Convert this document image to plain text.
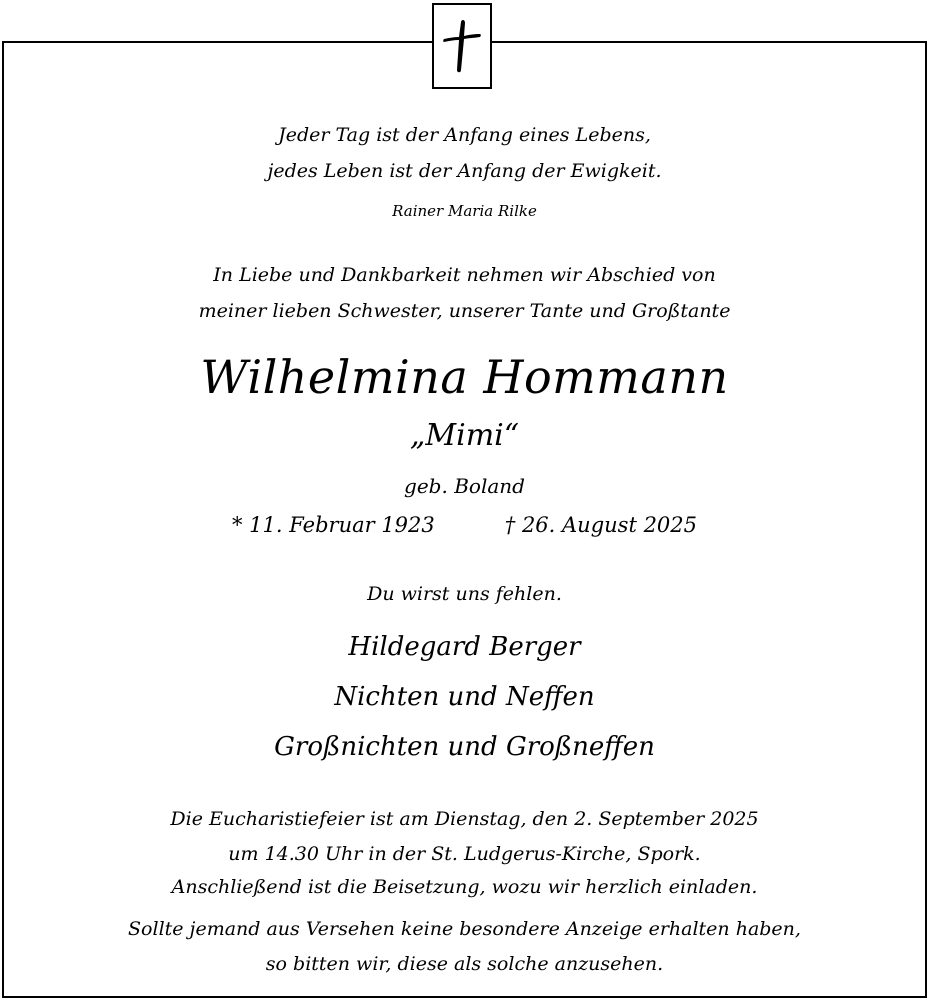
Jeder Tag ist der Anfang eines Lebens,
jedes Leben ist der Anfang der Ewigkeit.
Rainer Maria Rilke
In Liebe und Dankbarkeit nehmen wir Abschied von
meiner lieben Schwester, unserer Tante und Großtante
Wilhelmina Hommann
„Mimi“
geb. Boland
* 11. Februar 1923	† 26. August 2025
Du wirst uns fehlen.
Hildegard Berger
Nichten und Neffen
Großnichten und Großneffen
Die Eucharistiefeier ist am Dienstag, den 2. September 2025
um 14.30 Uhr in der St. Ludgerus-Kirche, Spork.
Anschließend ist die Beisetzung, wozu wir herzlich einladen.
Sollte jemand aus Versehen keine besondere Anzeige erhalten haben,
so bitten wir, diese als solche anzusehen.
